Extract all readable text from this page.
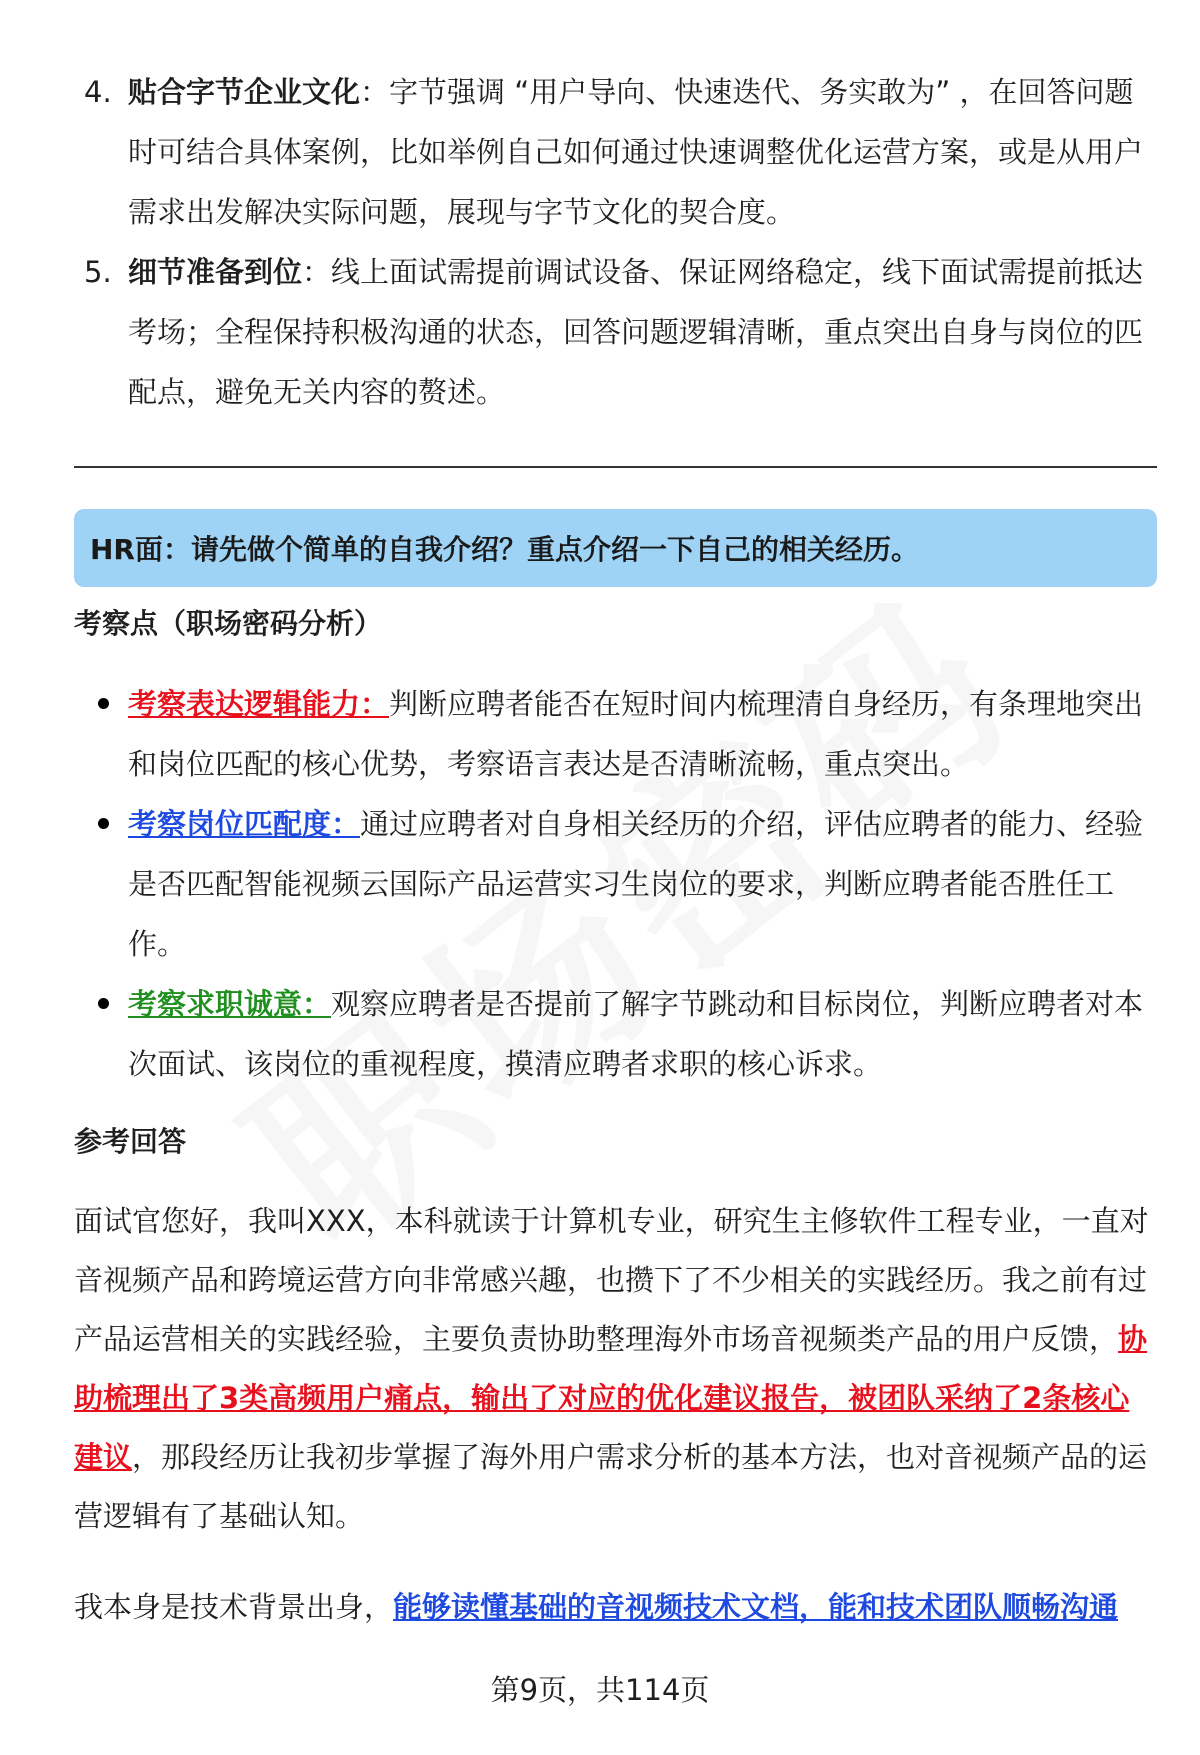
4. 贴合字节企业文化：字节强调 “用户导向、快速迭代、务实敢为” ，在回答问题时可结合具体案例，比如举例自己如何通过快速调整优化运营方案，或是从用户需求出发解决实际问题，展现与字节文化的契合度。
5. 细节准备到位：线上面试需提前调试设备、保证网络稳定，线下面试需提前抵达考场；全程保持积极沟通的状态，回答问题逻辑清晰，重点突出自身与岗位的匹配点，避免无关内容的赘述。
HR面：请先做个简单的自我介绍？重点介绍一下自己的相关经历。
考察点（职场密码分析）
考察表达逻辑能力：判断应聘者能否在短时间内梳理清自身经历，有条理地突出和岗位匹配的核心优势，考察语言表达是否清晰流畅，重点突出。
考察岗位匹配度：通过应聘者对自身相关经历的介绍，评估应聘者的能力、经验是否匹配智能视频云国际产品运营实习生岗位的要求，判断应聘者能否胜任工作。
考察求职诚意：观察应聘者是否提前了解字节跳动和目标岗位，判断应聘者对本次面试、该岗位的重视程度，摸清应聘者求职的核心诉求。
参考回答
面试官您好，我叫XXX，本科就读于计算机专业，研究生主修软件工程专业，一直对音视频产品和跨境运营方向非常感兴趣，也攒下了不少相关的实践经历。我之前有过产品运营相关的实践经验，主要负责协助整理海外市场音视频类产品的用户反馈，协助梳理出了3类高频用户痛点，输出了对应的优化建议报告，被团队采纳了2条核心建议，那段经历让我初步掌握了海外用户需求分析的基本方法，也对音视频产品的运营逻辑有了基础认知。
我本身是技术背景出身，能够读懂基础的音视频技术文档，能和技术团队顺畅沟通
第9页，共114页
